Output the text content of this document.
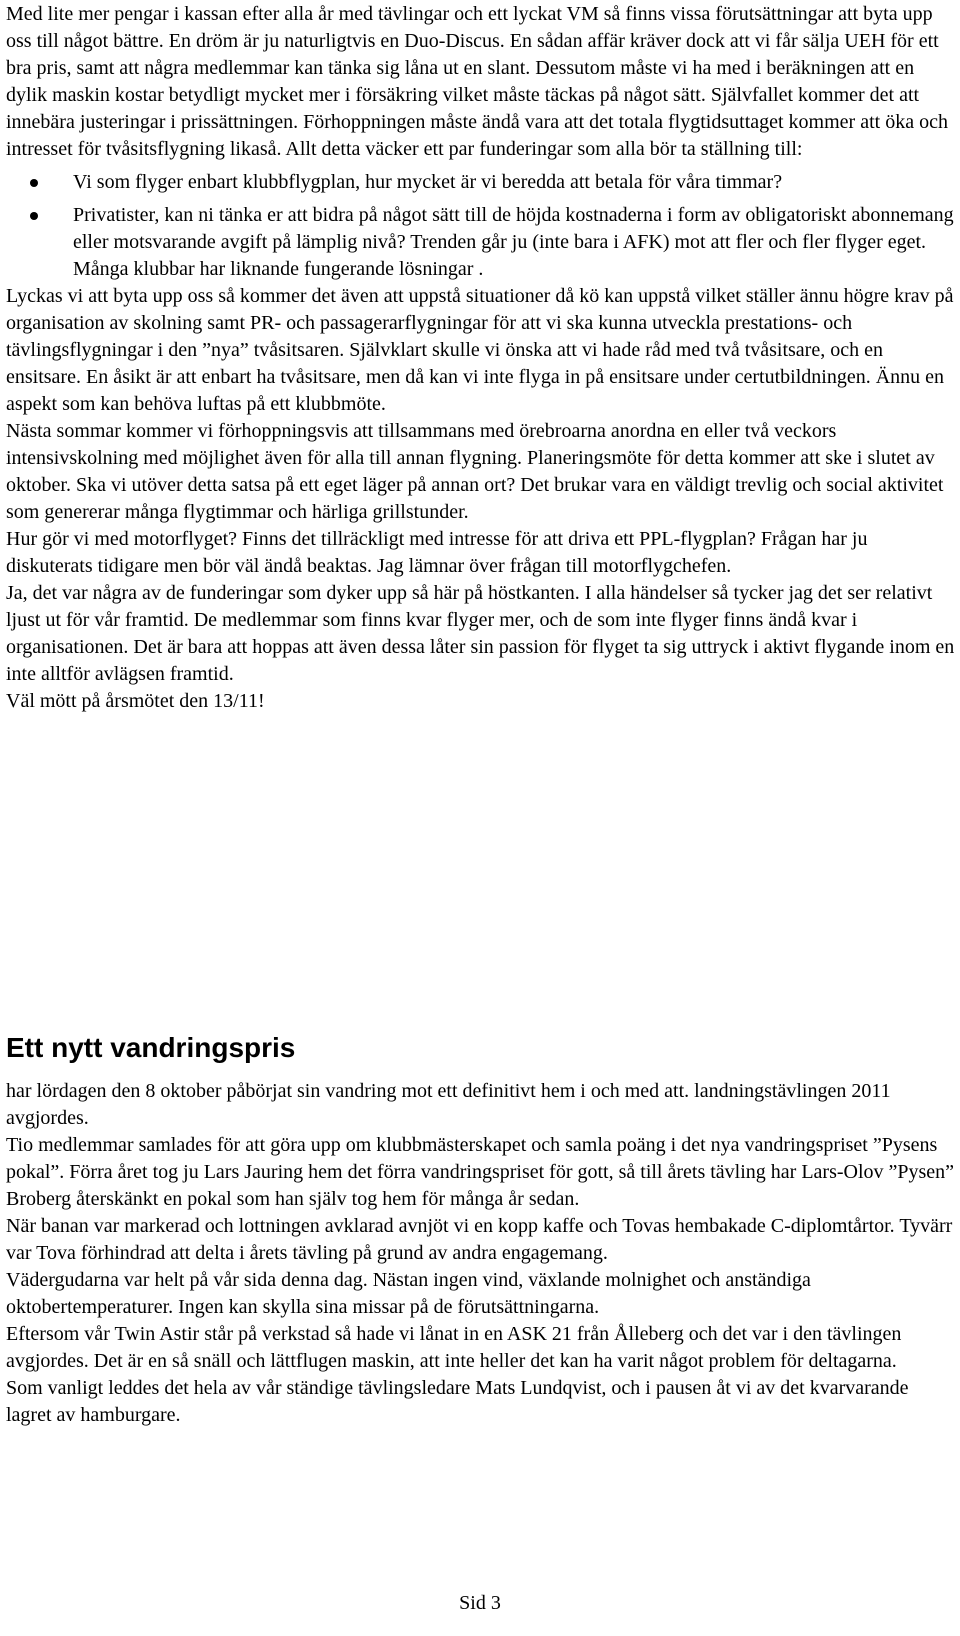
Med lite mer pengar i kassan efter alla år med tävlingar och ett lyckat VM så finns vissa förutsättningar att byta upp oss till något bättre. En dröm är ju naturligtvis en Duo-Discus. En sådan affär kräver dock att vi får sälja UEH för ett bra pris, samt att några medlemmar kan tänka sig låna ut en slant. Dessutom måste vi ha med i beräkningen att en dylik maskin kostar betydligt mycket mer i försäkring vilket måste täckas på något sätt. Självfallet kommer det att innebära justeringar i prissättningen. Förhoppningen måste ändå vara att det totala flygtidsuttaget kommer att öka och intresset för tvåsitsflygning likaså. Allt detta väcker ett par funderingar som alla bör ta ställning till:

Vi som flyger enbart klubbflygplan, hur mycket är vi beredda att betala för våra timmar?
Privatister, kan ni tänka er att bidra på något sätt till de höjda kostnaderna i form av obligatoriskt abonnemang eller motsvarande avgift på lämplig nivå? Trenden går ju (inte bara i AFK) mot att fler och fler flyger eget. Många klubbar har liknande fungerande lösningar .

Lyckas vi att byta upp oss så kommer det även att uppstå situationer då kö kan uppstå vilket ställer ännu högre krav på organisation av skolning samt PR- och passagerarflygningar för att vi ska kunna utveckla prestations- och tävlingsflygningar i den ”nya” tvåsitsaren. Självklart skulle vi önska att vi hade råd med två tvåsitsare, och en ensitsare. En åsikt är att enbart ha tvåsitsare, men då kan vi inte flyga in på ensitsare under certutbildningen. Ännu en aspekt som kan behöva luftas på ett klubbmöte.

Nästa sommar kommer vi förhoppningsvis att tillsammans med örebroarna anordna en eller två veckors intensivskolning med möjlighet även för alla till annan flygning. Planeringsmöte för detta kommer att ske i slutet av oktober. Ska vi utöver detta satsa på ett eget läger på annan ort? Det brukar vara en väldigt trevlig och social aktivitet som genererar många flygtimmar och härliga grillstunder.

Hur gör vi med motorflyget? Finns det tillräckligt med intresse för att driva ett PPL-flygplan? Frågan har ju diskuterats tidigare men bör väl ändå beaktas. Jag lämnar över frågan till motorflygchefen.

Ja, det var några av de funderingar som dyker upp så här på höstkanten. I alla händelser så tycker jag det ser relativt ljust ut för vår framtid. De medlemmar som finns kvar flyger mer, och de som inte flyger finns ändå kvar i organisationen. Det är bara att hoppas att även dessa låter sin passion för flyget ta sig uttryck i aktivt flygande inom en inte alltför avlägsen framtid.

Väl mött på årsmötet den 13/11!

Ett nytt vandringspris

har lördagen den 8 oktober påbörjat sin vandring mot ett definitivt hem i och med att. landningstävlingen 2011 avgjordes.

Tio medlemmar samlades för att göra upp om klubbmästerskapet och samla poäng i det nya vandringspriset ”Pysens pokal”. Förra året tog ju Lars Jauring hem det förra vandringspriset för gott, så till årets tävling har Lars-Olov ”Pysen” Broberg återskänkt en pokal som han själv tog hem för många år sedan.

När banan var markerad och lottningen avklarad avnjöt vi en kopp kaffe och Tovas hembakade C-diplomtårtor. Tyvärr var Tova förhindrad att delta i årets tävling på grund av andra engagemang.

Vädergudarna var helt på vår sida denna dag. Nästan ingen vind, växlande molnighet och anständiga oktobertemperaturer. Ingen kan skylla sina missar på de förutsättningarna.

Eftersom vår Twin Astir står på verkstad så hade vi lånat in en ASK 21 från Ålleberg och det var i den tävlingen avgjordes. Det är en så snäll och lättflugen maskin, att inte heller det kan ha varit något problem för deltagarna.

Som vanligt leddes det hela av vår ständige tävlingsledare Mats Lundqvist, och i pausen åt vi av det kvarvarande lagret av hamburgare.

Sid 3
